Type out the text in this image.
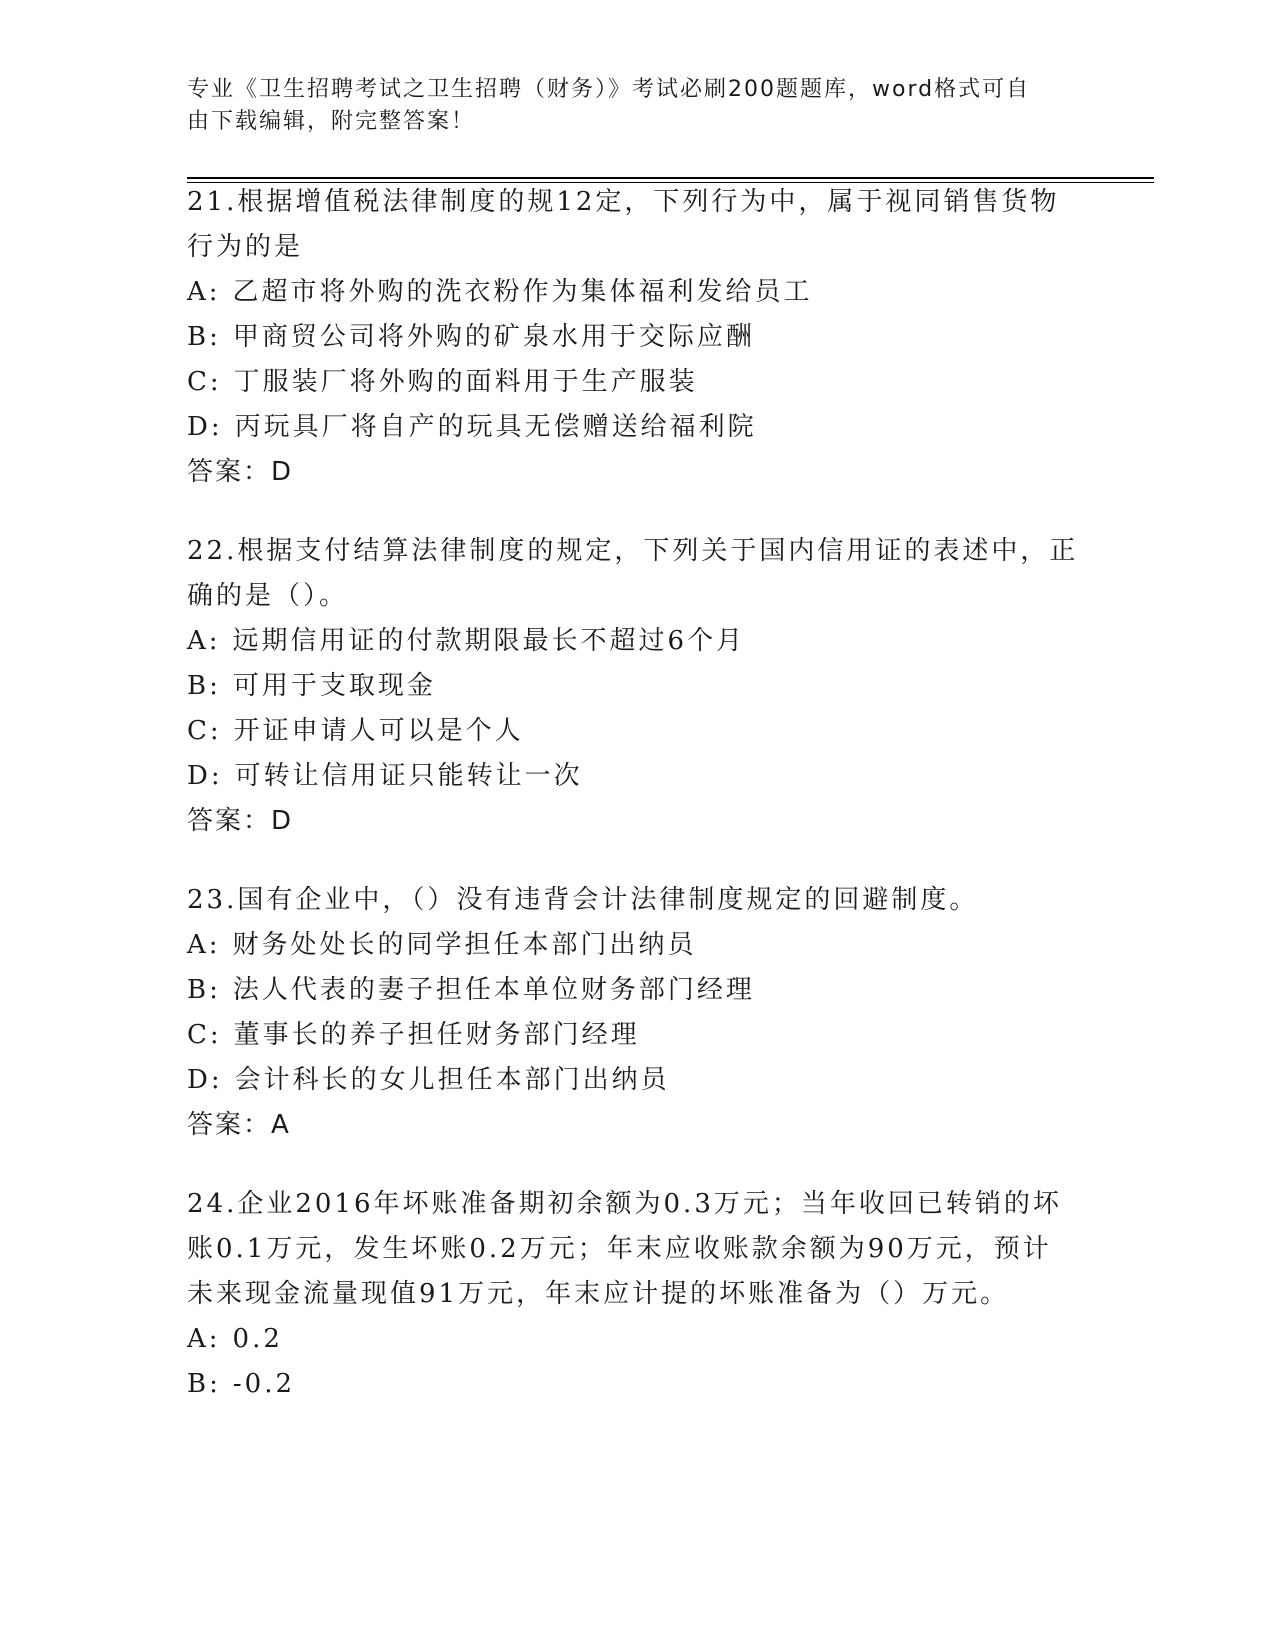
专业《卫生招聘考试之卫生招聘（财务）》考试必刷200题题库，word格式可自
由下载编辑，附完整答案！

21.根据增值税法律制度的规12定，下列行为中，属于视同销售货物

行为的是

A: 乙超市将外购的洗衣粉作为集体福利发给员工

B: 甲商贸公司将外购的矿泉水用于交际应酬

C: 丁服装厂将外购的面料用于生产服装

D: 丙玩具厂将自产的玩具无偿赠送给福利院

答案：D

22.根据支付结算法律制度的规定，下列关于国内信用证的表述中，正

确的是（）。

A: 远期信用证的付款期限最长不超过6个月

B: 可用于支取现金

C: 开证申请人可以是个人

D: 可转让信用证只能转让一次

答案：D

23.国有企业中，（）没有违背会计法律制度规定的回避制度。

A: 财务处处长的同学担任本部门出纳员

B: 法人代表的妻子担任本单位财务部门经理

C: 董事长的养子担任财务部门经理

D: 会计科长的女儿担任本部门出纳员

答案：A

24.企业2016年坏账准备期初余额为0.3万元；当年收回已转销的坏

账0.1万元，发生坏账0.2万元；年末应收账款余额为90万元，预计

未来现金流量现值91万元，年末应计提的坏账准备为（）万元。

A: 0.2

B: -0.2
